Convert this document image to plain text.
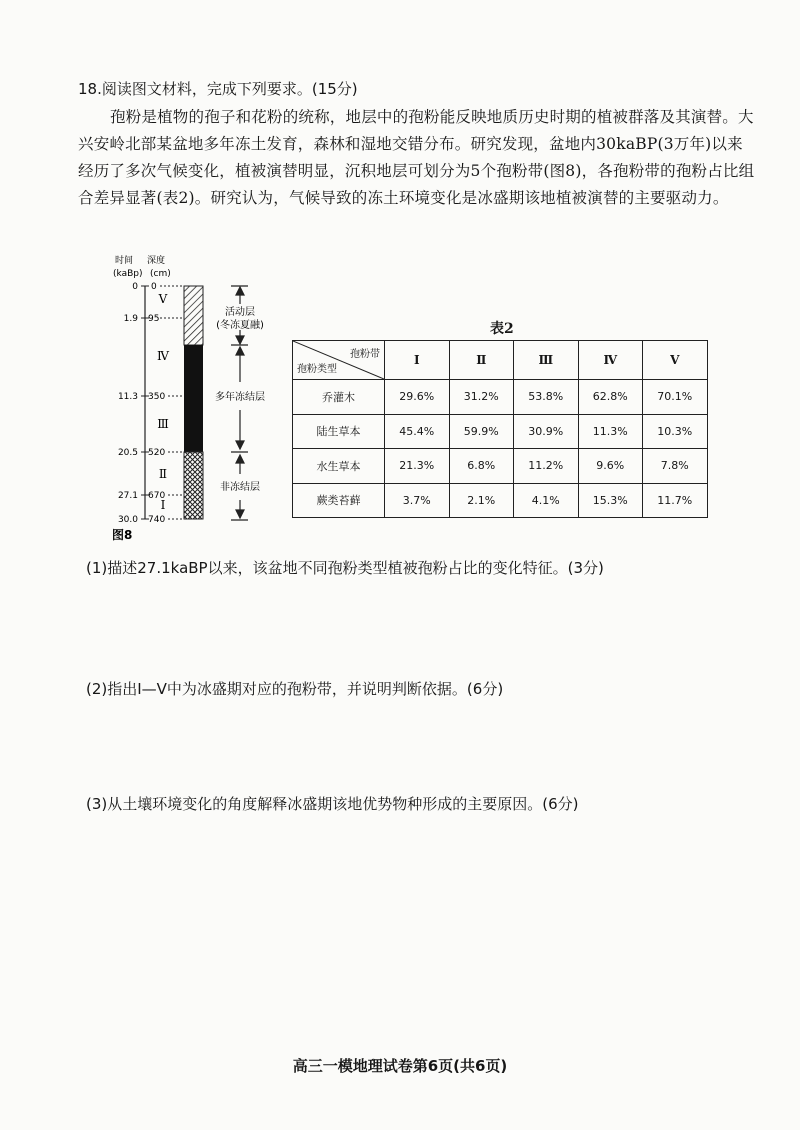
18.阅读图文材料，完成下列要求。(15分)
孢粉是植物的孢子和花粉的统称，地层中的孢粉能反映地质历史时期的植被群落及其演替。大兴安岭北部某盆地多年冻土发育，森林和湿地交错分布。研究发现，盆地内30kaBP(3万年)以来经历了多次气候变化，植被演替明显，沉积地层可划分为5个孢粉带(图8)，各孢粉带的孢粉占比组合差异显著(表2)。研究认为，气候导致的冻土环境变化是冰盛期该地植被演替的主要驱动力。
时间 深度
(kaBp) (cm)
0
1.9
11.3
20.5
27.1
30.0
0
95
350
520
670
740
V
Ⅳ
Ⅲ
Ⅱ
I
活动层
(冬冻夏融)
多年冻结层
非冻结层
图8
表2
孢粉带
孢粉类型	I	Ⅱ	Ⅲ	Ⅳ	V
乔灌木	29.6%	31.2%	53.8%	62.8%	70.1%
陆生草本	45.4%	59.9%	30.9%	11.3%	10.3%
水生草本	21.3%	6.8%	11.2%	9.6%	7.8%
蕨类苔藓	3.7%	2.1%	4.1%	15.3%	11.7%
(1)描述27.1kaBP以来，该盆地不同孢粉类型植被孢粉占比的变化特征。(3分)
(2)指出Ⅰ—Ⅴ中为冰盛期对应的孢粉带，并说明判断依据。(6分)
(3)从土壤环境变化的角度解释冰盛期该地优势物种形成的主要原因。(6分)
高三一模地理试卷第6页(共6页)
